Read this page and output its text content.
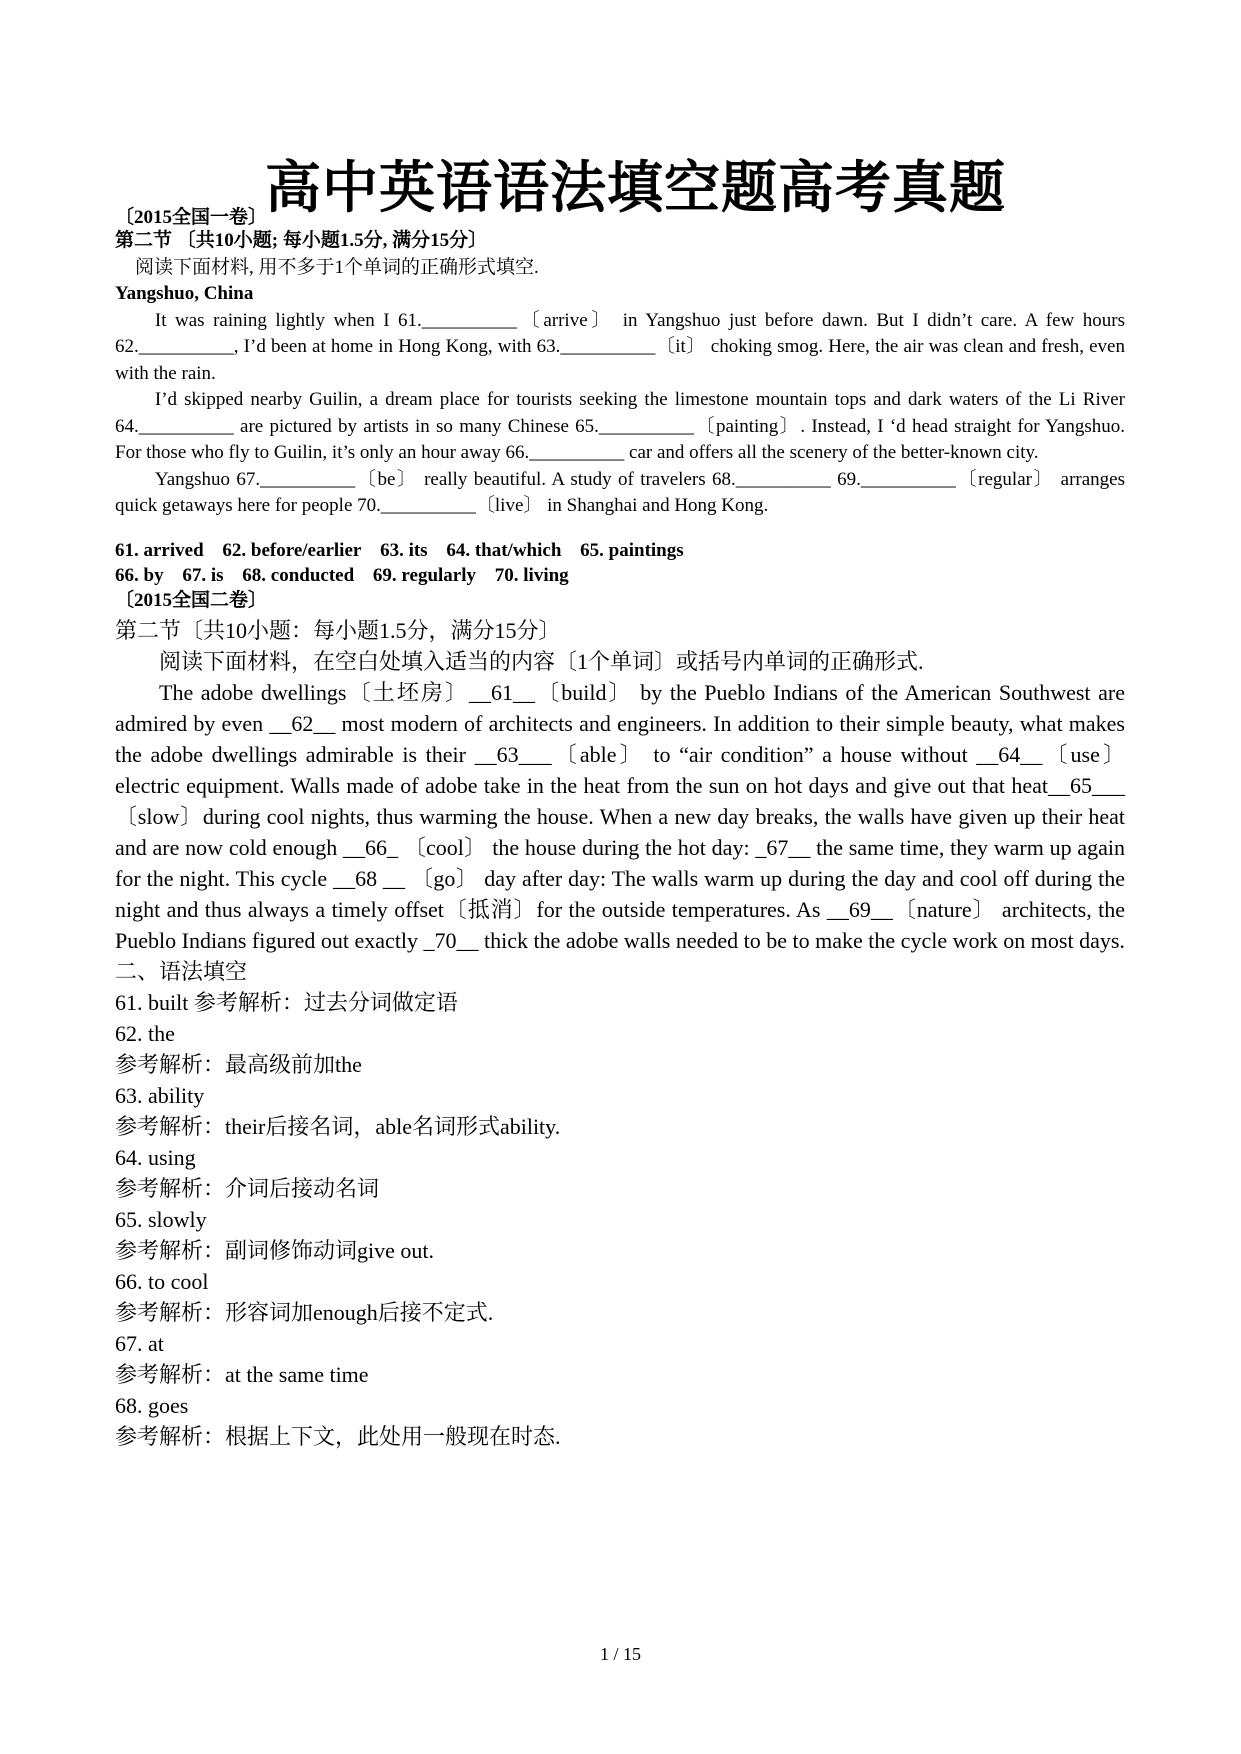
高中英语语法填空题高考真题
〔2015全国一卷〕

第二节 〔共10小题; 每小题1.5分, 满分15分〕

阅读下面材料, 用不多于1个单词的正确形式填空.

Yangshuo, China

It was raining lightly when I 61.__________〔arrive〕 in Yangshuo just before dawn. But I didn’t care. A few hours 62.__________, I’d been at home in Hong Kong, with 63.__________〔it〕 choking smog. Here, the air was clean and fresh, even with the rain.

I’d skipped nearby Guilin, a dream place for tourists seeking the limestone mountain tops and dark waters of the Li River 64.__________ are pictured by artists in so many Chinese 65.__________〔painting〕. Instead, I ‘d head straight for Yangshuo. For those who fly to Guilin, it’s only an hour away 66.__________ car and offers all the scenery of the better-known city.

Yangshuo 67.__________〔be〕 really beautiful. A study of travelers 68.__________ 69.__________〔regular〕 arranges quick getaways here for people 70.__________〔live〕 in Shanghai and Hong Kong.

61. arrived 62. before/earlier 63. its 64. that/which 65. paintings
66. by 67. is 68. conducted 69. regularly 70. living
〔2015全国二卷〕

第二节〔共10小题：每小题1.5分，满分15分〕

阅读下面材料，在空白处填入适当的内容〔1个单词〕或括号内单词的正确形式.

The adobe dwellings〔土坯房〕__61__〔build〕 by the Pueblo Indians of the American Southwest are admired by even __62__ most modern of architects and engineers. In addition to their simple beauty, what makes the adobe dwellings admirable is their __63___〔able〕 to “air condition” a house without __64__〔use〕electric equipment. Walls made of adobe take in the heat from the sun on hot days and give out that heat__65___〔slow〕during cool nights, thus warming the house. When a new day breaks, the walls have given up their heat and are now cold enough __66_ 〔cool〕 the house during the hot day: _67__ the same time, they warm up again for the night. This cycle __68 __ 〔go〕 day after day: The walls warm up during the day and cool off during the night and thus always a timely offset〔抵消〕for the outside temperatures. As __69__〔nature〕 architects, the Pueblo Indians figured out exactly _70__ thick the adobe walls needed to be to make the cycle work on most days.

二、语法填空
61. built 参考解析：过去分词做定语
62. the
参考解析：最高级前加the
63. ability
参考解析：their后接名词，able名词形式ability.
64. using
参考解析：介词后接动名词
65. slowly
参考解析：副词修饰动词give out.
66. to cool
参考解析：形容词加enough后接不定式.
67. at
参考解析：at the same time
68. goes
参考解析：根据上下文，此处用一般现在时态.
1 / 15
